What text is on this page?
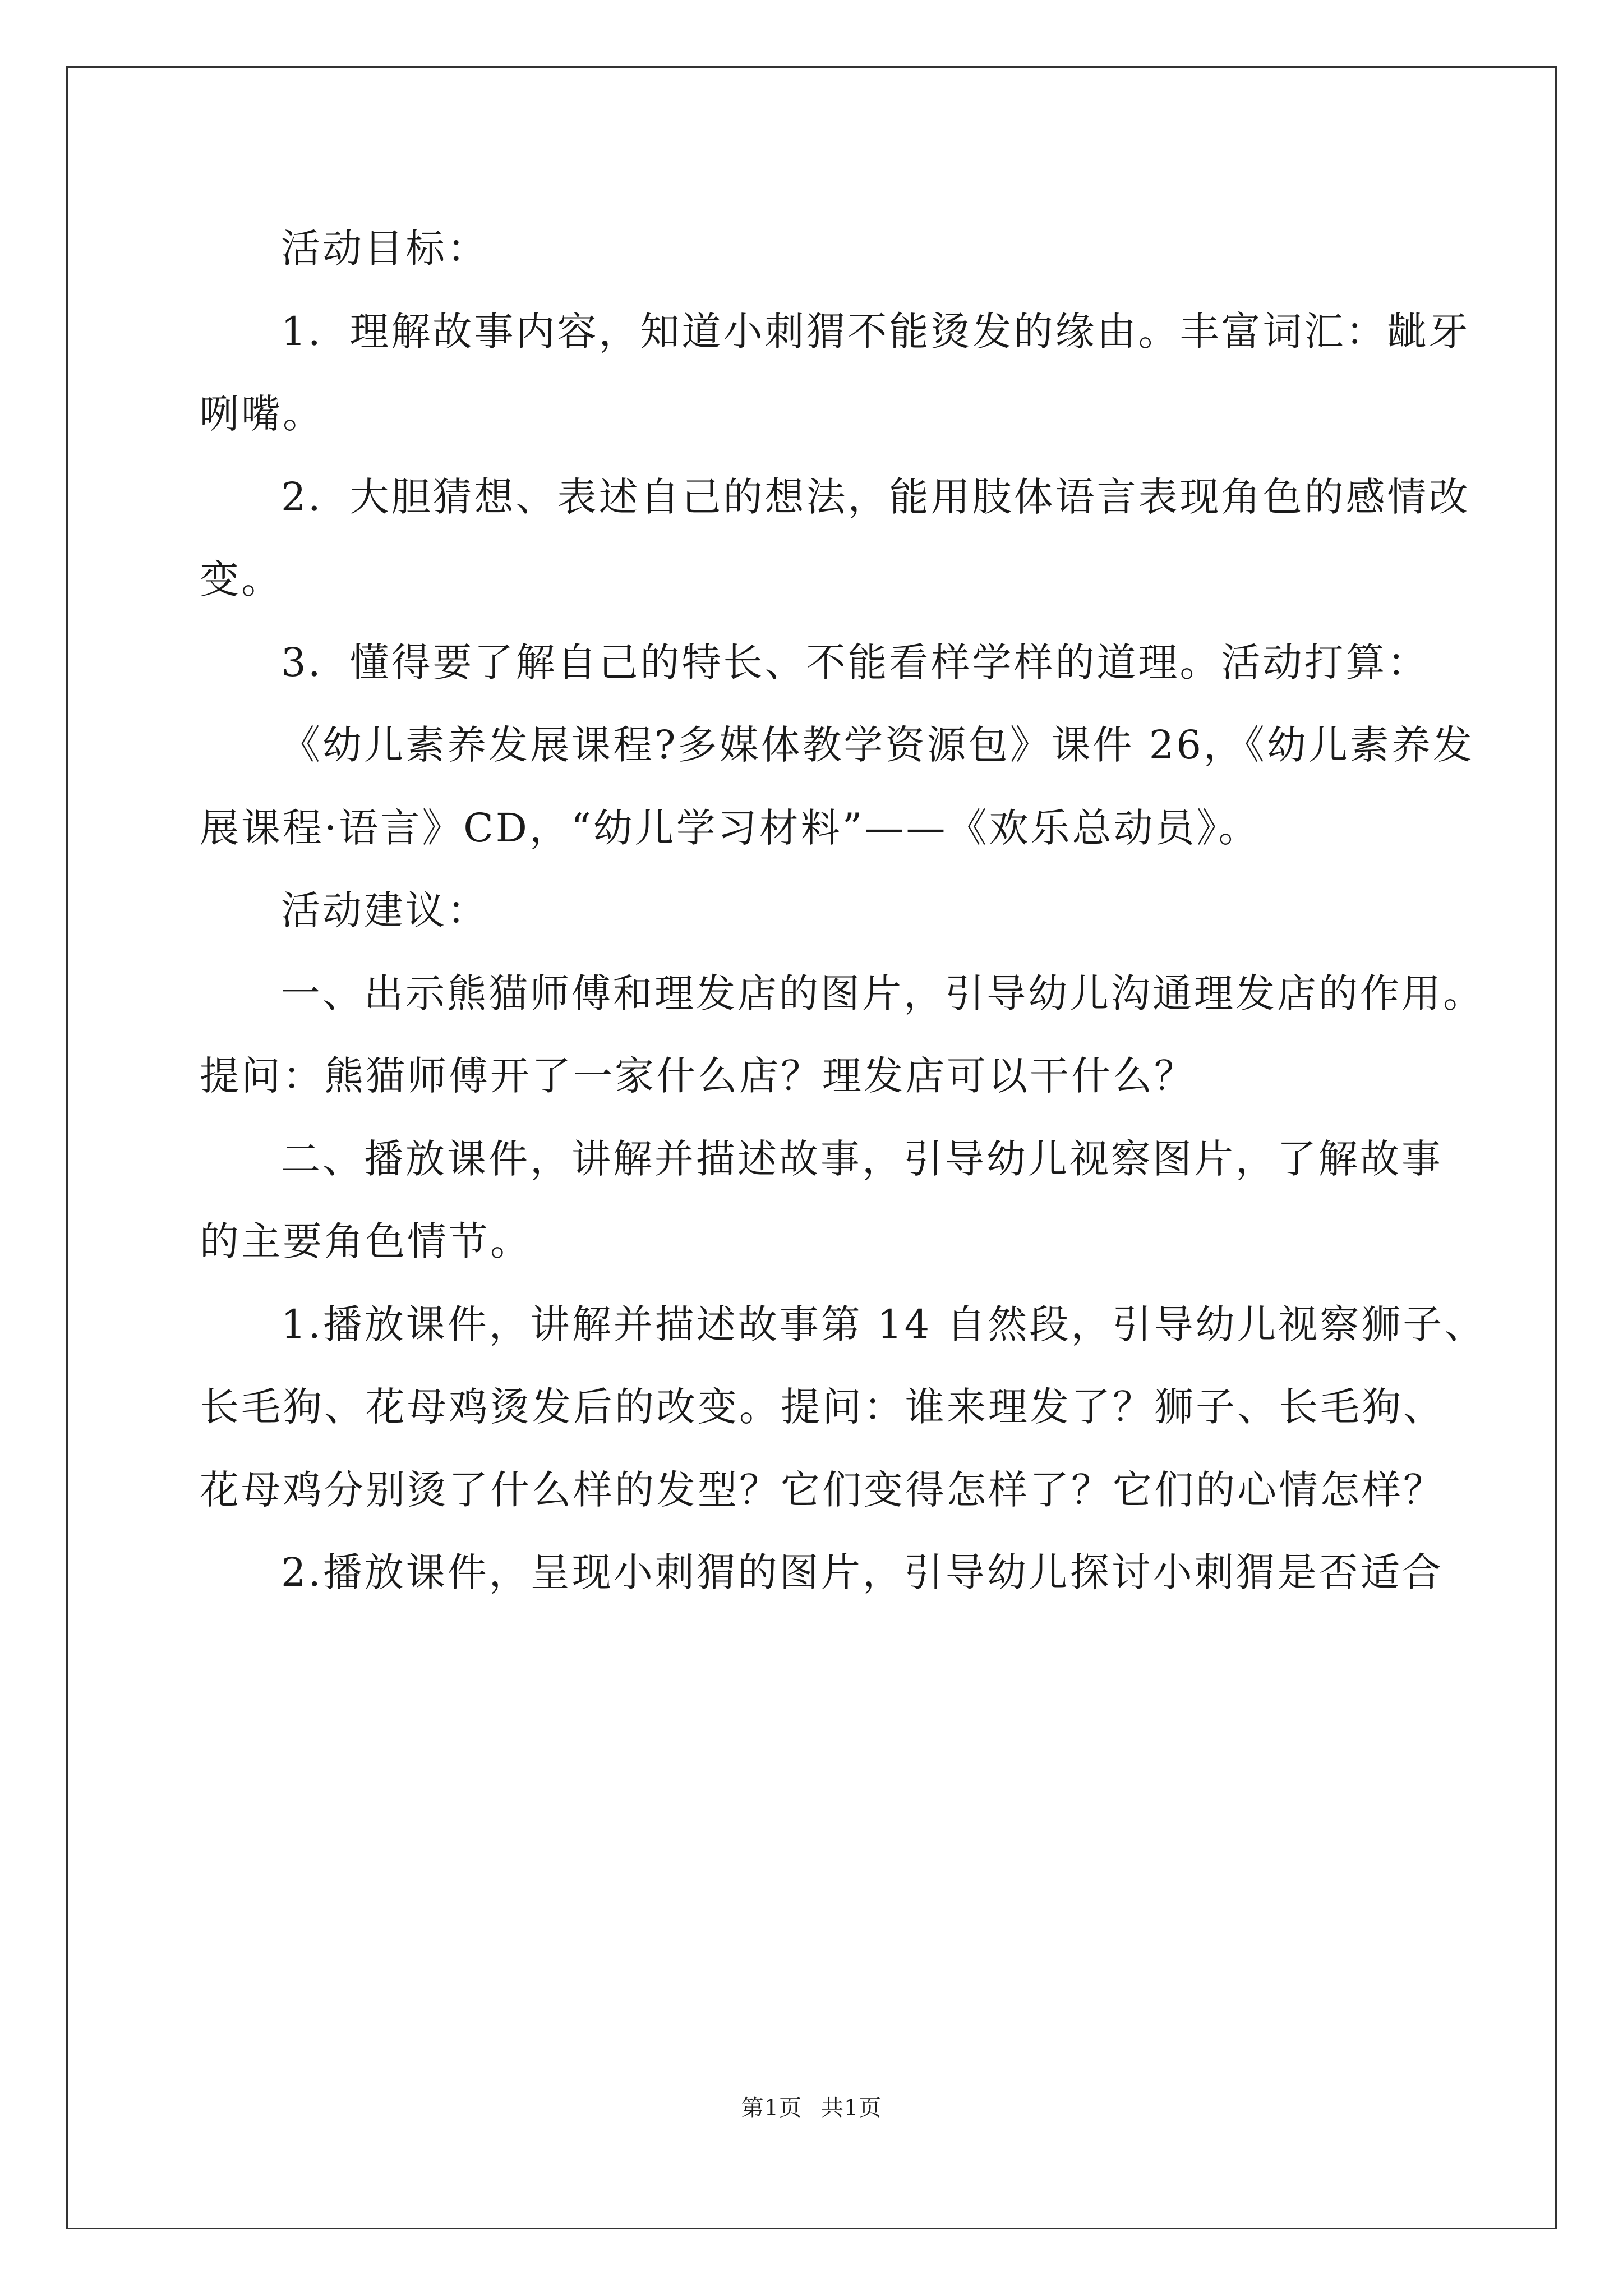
活动目标：
1．理解故事内容，知道小刺猬不能烫发的缘由。丰富词汇：龇牙
咧嘴。
2．大胆猜想、表述自己的想法，能用肢体语言表现角色的感情改
变。
3．懂得要了解自己的特长、不能看样学样的道理。活动打算：
《幼儿素养发展课程?多媒体教学资源包》课件 26，《幼儿素养发
展课程·语言》CD，“幼儿学习材料”——《欢乐总动员》。
活动建议：
一、出示熊猫师傅和理发店的图片，引导幼儿沟通理发店的作用。
提问：熊猫师傅开了一家什么店？理发店可以干什么？
二、播放课件，讲解并描述故事，引导幼儿视察图片，了解故事
的主要角色情节。
1.播放课件，讲解并描述故事第 14 自然段，引导幼儿视察狮子、
长毛狗、花母鸡烫发后的改变。提问：谁来理发了？狮子、长毛狗、
花母鸡分别烫了什么样的发型？它们变得怎样了？它们的心情怎样？
2.播放课件，呈现小刺猬的图片，引导幼儿探讨小刺猬是否适合
第1页 共1页
